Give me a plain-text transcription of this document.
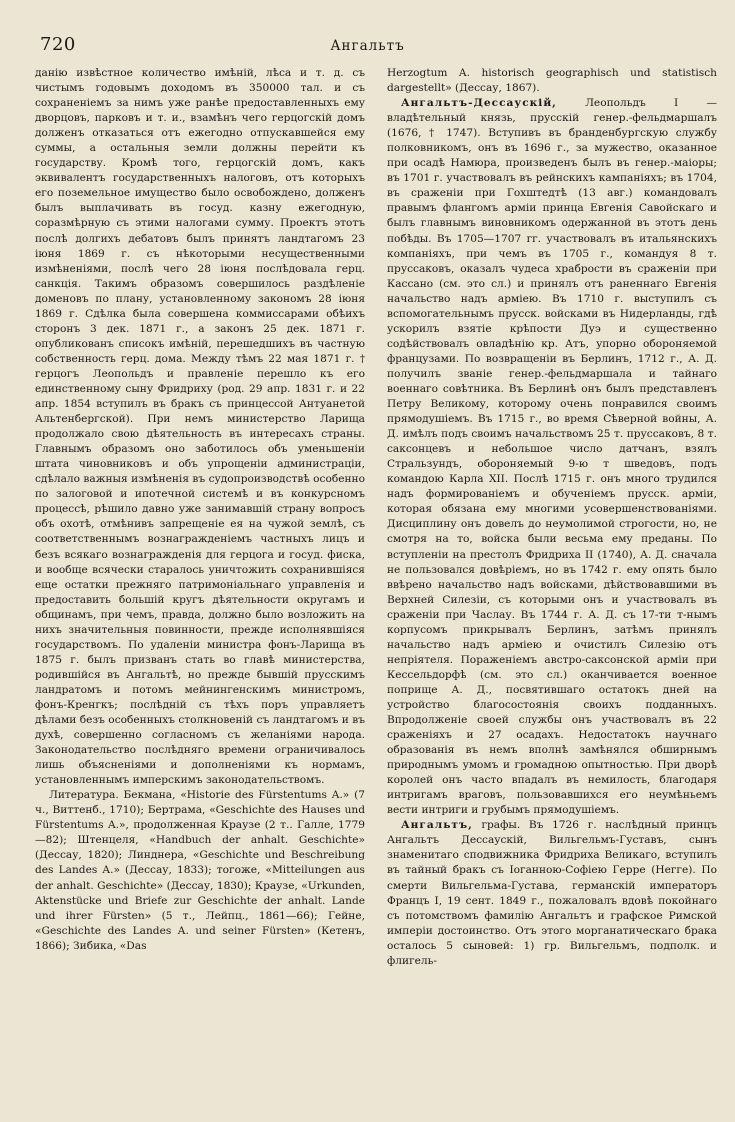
720	Ангальтъ

данію извѣстное количество имѣній, лѣса и т. д. съ чистымъ годовымъ доходомъ въ 350000 тал. и съ сохраненіемъ за нимъ уже ранѣе предоставленныхъ ему дворцовъ, парковъ и т. и., взамѣнъ чего герцогскій домъ долженъ отказаться отъ ежегодно отпускавшейся ему суммы, а остальныя земли должны перейти къ государству. Кромѣ того, герцогскій домъ, какъ эквивалентъ государственныхъ налоговъ, отъ которыхъ его поземельное имущество было освобождено, долженъ былъ выплачивать въ госуд. казну ежегодную, соразмѣрную съ этими налогами сумму. Проектъ этотъ послѣ долгихъ дебатовъ былъ принятъ ландтагомъ 23 іюня 1869 г. съ нѣкоторыми несущественными измѣненіями, послѣ чего 28 іюня послѣдовала герц. санкція. Такимъ образомъ совершилось раздѣленіе доменовъ по плану, установленному закономъ 28 іюня 1869 г. Сдѣлка была совершена коммиссарами обѣихъ сторонъ 3 дек. 1871 г., а законъ 25 дек. 1871 г. опубликованъ списокъ имѣній, перешедшихъ въ частную собственность герц. дома. Между тѣмъ 22 мая 1871 г. † герцогъ Леопольдъ и правленіе перешло къ его единственному сыну Фридриху (род. 29 апр. 1831 г. и 22 апр. 1854 вступилъ въ бракъ съ принцессой Антуанетой Альтенбергской). При немъ министерство Ларища продолжало свою дѣятельность въ интересахъ страны. Главнымъ образомъ оно заботилось объ уменьшеніи штата чиновниковъ и объ упрощеніи администраціи, сдѣлало важныя измѣненія въ судопроизводствѣ особенно по залоговой и ипотечной системѣ и въ конкурсномъ процессѣ, рѣшило давно уже занимавшій страну вопросъ объ охотѣ, отмѣнивъ запрещеніе ея на чужой землѣ, съ соответственнымъ вознагражденіемъ частныхъ лицъ и безъ всякаго вознагражденія для герцога и госуд. фиска, и вообще всячески старалось уничтожить сохранившіяся еще остатки прежняго патримоніальнаго управленія и предоставить большій кругъ дѣятельности округамъ и общинамъ, при чемъ, правда, должно было возложить на нихъ значительныя повинности, прежде исполнявшіяся государствомъ. По удаленіи министра фонъ-Ларища въ 1875 г. былъ призванъ стать во главѣ министерства, родившійся въ Ангальтѣ, но прежде бывшій прусскимъ ландратомъ и потомъ мейнингенскимъ министромъ, фонъ-Кренгкъ; послѣдній съ тѣхъ поръ управляетъ дѣлами безъ особенныхъ столкновеній съ ландтагомъ и въ духѣ, совершенно согласномъ съ желаніями народа. Законодательство послѣдняго времени ограничивалось лишь объясненіями и дополненіями къ нормамъ, установленнымъ имперскимъ законодательствомъ.

Литература. Бекмана, «Historie des Fürstentums A.» (7 ч., Виттенб., 1710); Бертрама, «Geschichte des Hauses und Fürstentums A.», продолженная Краузе (2 т.. Галле, 1779—82); Штенцеля, «Handbuch der anhalt. Geschichte» (Дессау, 1820); Линднера, «Geschichte und Beschreibung des Landes A.» (Дессау, 1833); тогоже, «Mitteilungen aus der anhalt. Geschichte» (Дессау, 1830); Краузе, «Urkunden, Aktenstücke und Briefe zur Geschichte der anhalt. Lande und ihrer Fürsten» (5 т., Лейпц., 1861—66); Гейне, «Geschichte des Landes A. und seiner Fürsten» (Кетенъ, 1866); Зибика, «Das

Herzogtum A. historisch geographisch und statistisch dargestellt» (Дессау, 1867).

Ангальтъ-Дессаускій, Леопольдъ I —владѣтельный князь, прусскій генер.-фельдмаршалъ (1676, † 1747). Вступивъ въ бранденбургскую службу полковникомъ, онъ въ 1696 г., за мужество, оказанное при осадѣ Намюра, произведенъ былъ въ генер.-маіоры; въ 1701 г. участвовалъ въ рейнскихъ кампаніяхъ; въ 1704, въ сраженіи при Гохштедтѣ (13 авг.) командовалъ правымъ флангомъ арміи принца Евгенія Савойскаго и былъ главнымъ виновникомъ одержанной въ этотъ день побѣды. Въ 1705—1707 гг. участвовалъ въ итальянскихъ компаніяхъ, при чемъ въ 1705 г., командуя 8 т. пруссаковъ, оказалъ чудеса храбрости въ сраженіи при Кассано (см. это сл.) и принялъ отъ раненнаго Евгенія начальство надъ арміею. Въ 1710 г. выступилъ съ вспомогательнымъ прусск. войсками въ Нидерланды, гдѣ ускорилъ взятіе крѣпости Дуэ и существенно содѣйствовалъ овладѣнію кр. Атъ, упорно обороняемой французами. По возвращеніи въ Берлинъ, 1712 г., А. Д. получилъ званіе генер.-фельдмаршала и тайнаго военнаго совѣтника. Въ Берлинѣ онъ былъ представленъ Петру Великому, которому очень понравился своимъ прямодушіемъ. Въ 1715 г., во время Сѣверной войны, А. Д. имѣлъ подъ своимъ начальствомъ 25 т. пруссаковъ, 8 т. саксонцевъ и небольшое число датчанъ, взялъ Стральзундъ, обороняемый 9-ю т шведовъ, подъ командою Карла XII. Послѣ 1715 г. онъ много трудился надъ формированіемъ и обученіемъ прусск. арміи, которая обязана ему многими усовершенствованіями. Дисциплину онъ довелъ до неумолимой строгости, но, не смотря на то, войска были весьма ему преданы. По вступленіи на престолъ Фридриха II (1740), А. Д. сначала не пользовался довѣріемъ, но въ 1742 г. ему опять было ввѣрено начальство надъ войсками, дѣйствовавшими въ Верхней Силезіи, съ которыми онъ и участвовалъ въ сраженіи при Часлау. Въ 1744 г. А. Д. съ 17-ти т-нымъ корпусомъ прикрывалъ Берлинъ, затѣмъ принялъ начальство надъ арміею и очистилъ Силезію отъ непріятеля. Пораженіемъ австро-саксонской арміи при Кессельдорфѣ (см. это сл.) оканчивается военное поприще А. Д., посвятившаго остатокъ дней на устройство благосостоянія своихъ подданныхъ. Впродолженіе своей службы онъ участвовалъ въ 22 сраженіяхъ и 27 осадахъ. Недостатокъ научнаго образованія въ немъ вполнѣ замѣнялся обширнымъ природнымъ умомъ и громадною опытностью. При дворѣ королей онъ часто впадалъ въ немилость, благодаря интригамъ враговъ, пользовавшихся его неумѣньемъ вести интриги и грубымъ прямодушіемъ.

Ангальтъ, графы. Въ 1726 г. наслѣдный принцъ Ангальтъ Дессаускій, Вильгельмъ-Густавъ, сынъ знаменитаго сподвижника Фридриха Великаго, вступилъ въ тайный бракъ съ Іоганною-Софіею Герре (Негге). По смерти Вильгельма-Густава, германскій императоръ Францъ I, 19 сент. 1849 г., пожаловалъ вдовѣ покойнаго съ потомствомъ фамилію Ангальтъ и графское Римской имперіи достоинство. Отъ этого морганатическаго брака осталось 5 сыновей: 1) гр. Вильгельмъ, подполк. и флигель-
